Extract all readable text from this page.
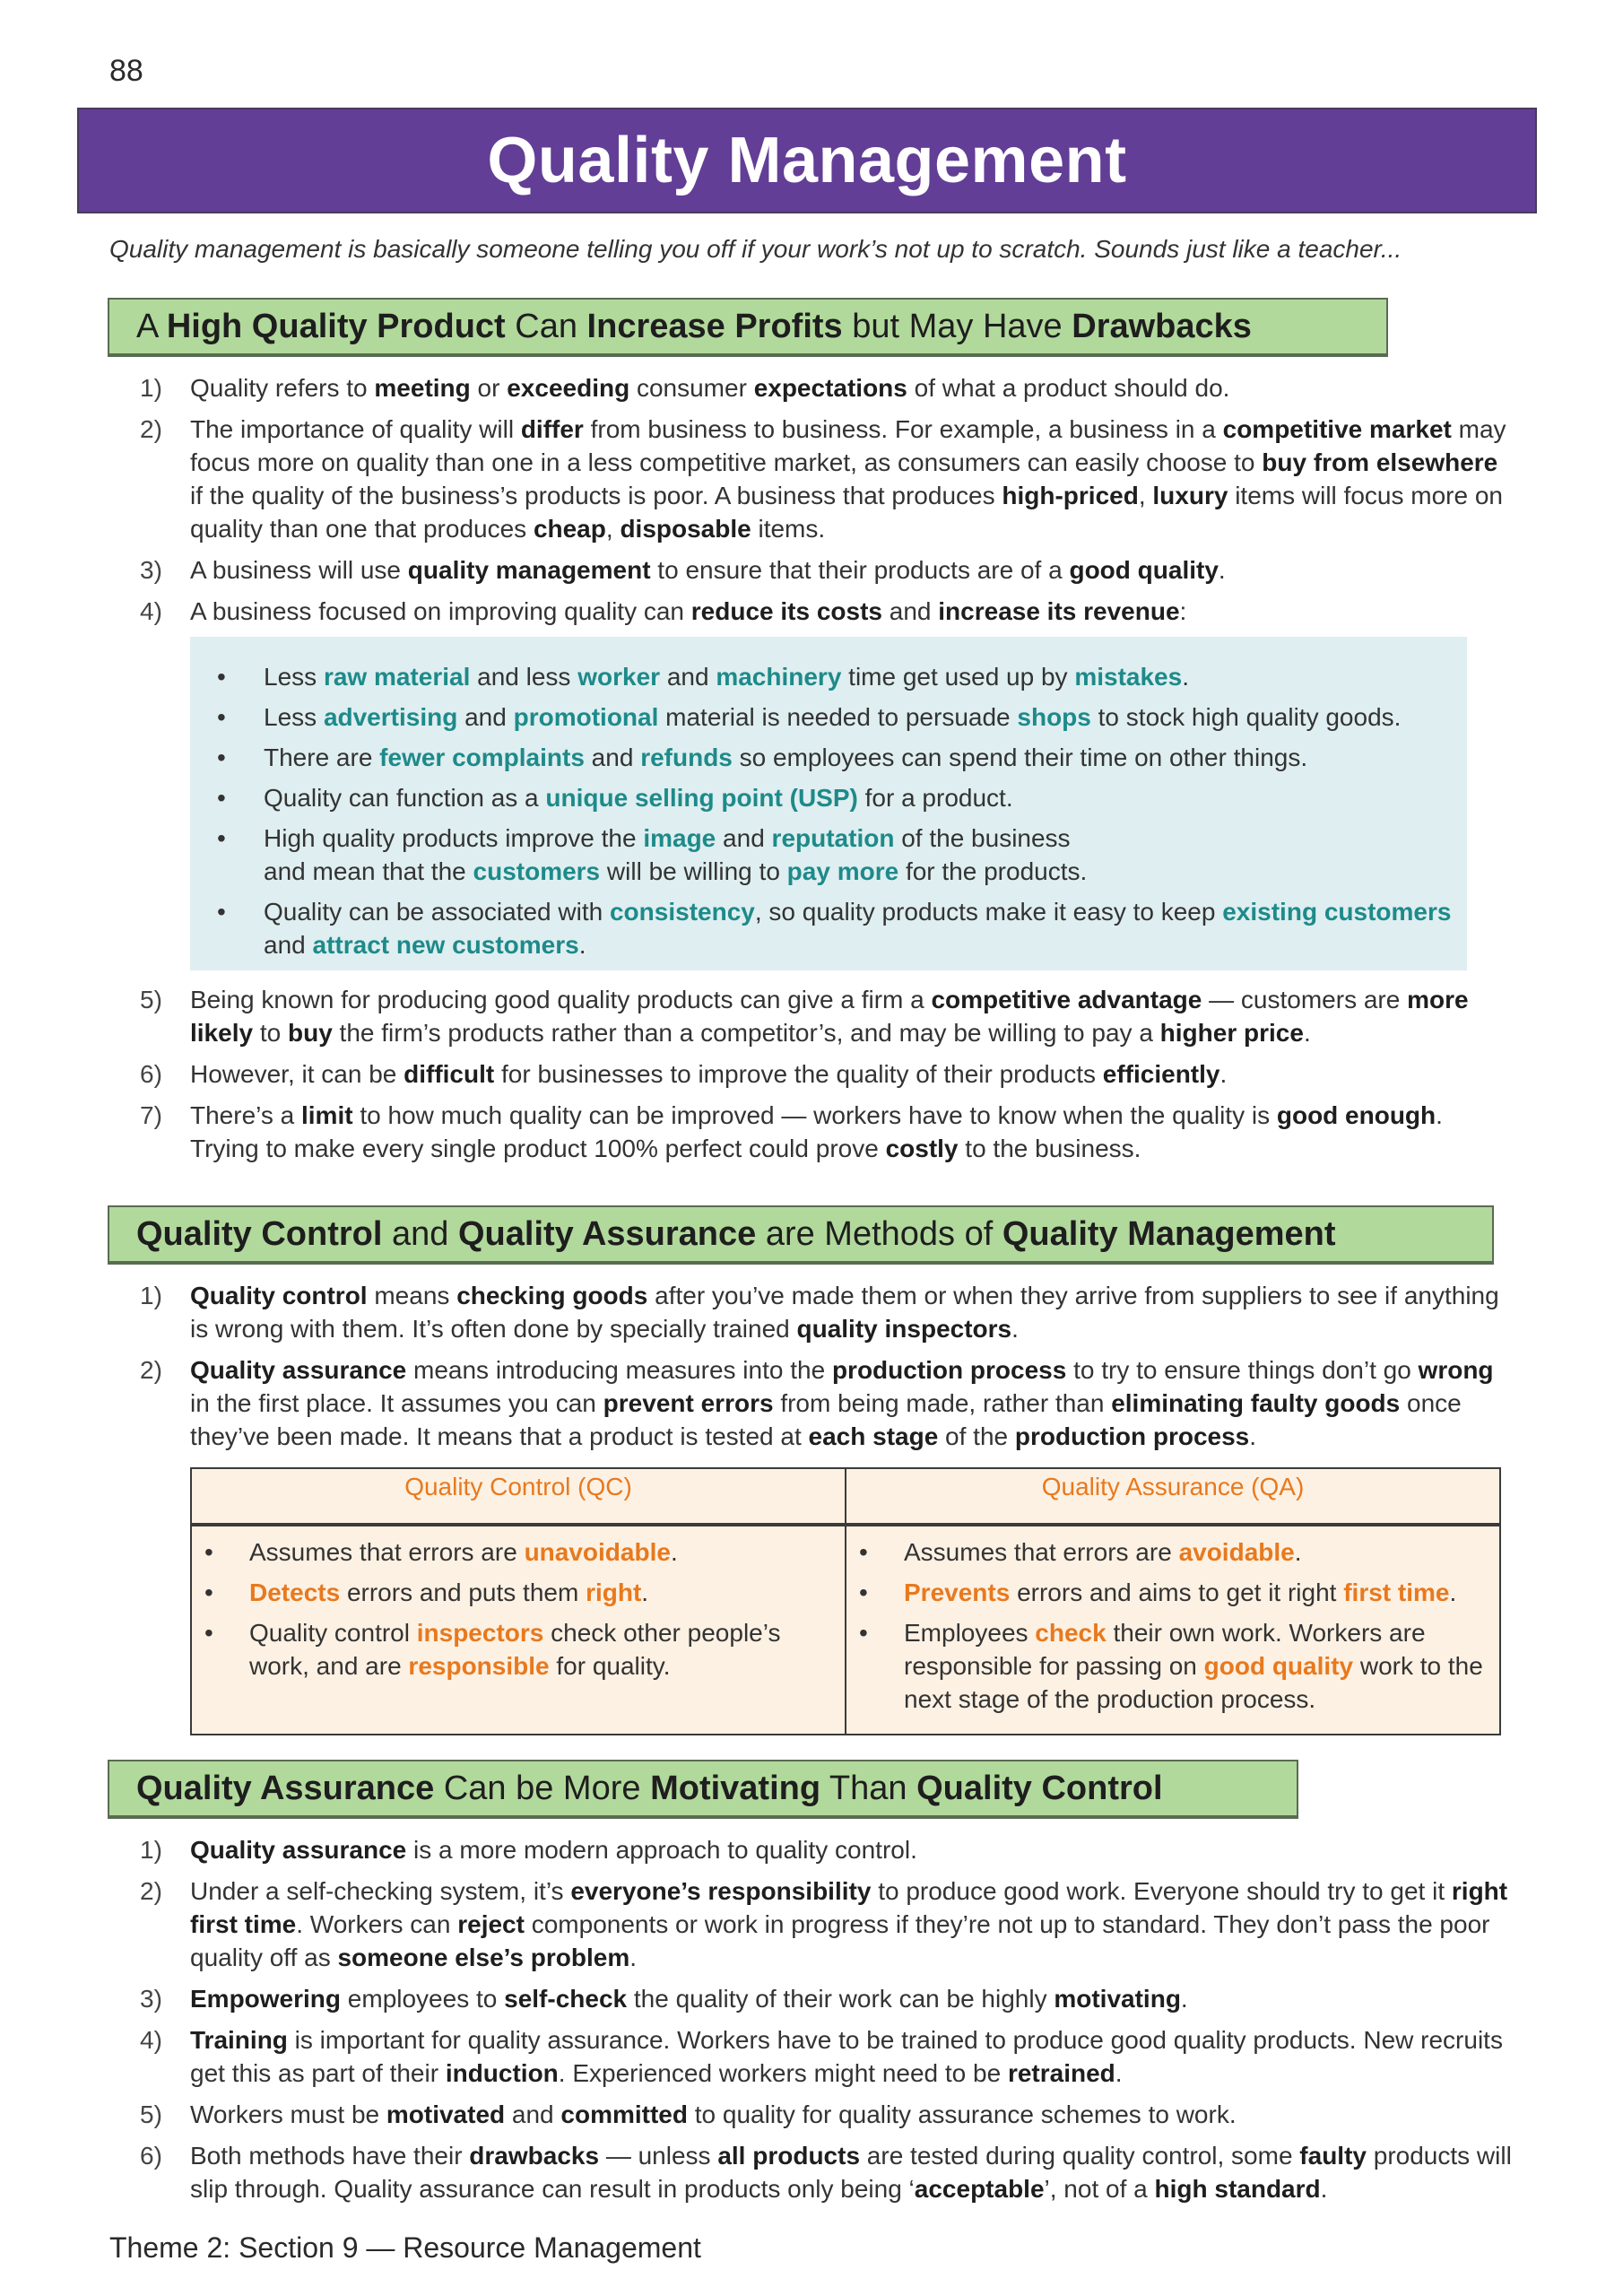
88
Quality Management
Quality management is basically someone telling you off if your work’s not up to scratch. Sounds just like a teacher...
A High Quality Product Can Increase Profits but May Have Drawbacks
1) Quality refers to meeting or exceeding consumer expectations of what a product should do.
2) The importance of quality will differ from business to business. For example, a business in a competitive market may focus more on quality than one in a less competitive market, as consumers can easily choose to buy from elsewhere if the quality of the business’s products is poor. A business that produces high-priced, luxury items will focus more on quality than one that produces cheap, disposable items.
3) A business will use quality management to ensure that their products are of a good quality.
4) A business focused on improving quality can reduce its costs and increase its revenue:
• Less raw material and less worker and machinery time get used up by mistakes.
• Less advertising and promotional material is needed to persuade shops to stock high quality goods.
• There are fewer complaints and refunds so employees can spend their time on other things.
• Quality can function as a unique selling point (USP) for a product.
• High quality products improve the image and reputation of the business
and mean that the customers will be willing to pay more for the products.
• Quality can be associated with consistency, so quality products make it easy to keep existing customers and attract new customers.
5) Being known for producing good quality products can give a firm a competitive advantage — customers are more likely to buy the firm’s products rather than a competitor’s, and may be willing to pay a higher price.
6) However, it can be difficult for businesses to improve the quality of their products efficiently.
7) There’s a limit to how much quality can be improved — workers have to know when the quality is good enough. Trying to make every single product 100% perfect could prove costly to the business.
Quality Control and Quality Assurance are Methods of Quality Management
1) Quality control means checking goods after you’ve made them or when they arrive from suppliers to see if anything is wrong with them. It’s often done by specially trained quality inspectors.
2) Quality assurance means introducing measures into the production process to try to ensure things don’t go wrong in the first place. It assumes you can prevent errors from being made, rather than eliminating faulty goods once they’ve been made. It means that a product is tested at each stage of the production process.
Quality Control (QC)	Quality Assurance (QA)

• Assumes that errors are unavoidable.
• Detects errors and puts them right.
• Quality control inspectors check other people’s work, and are responsible for quality.

• Assumes that errors are avoidable.
• Prevents errors and aims to get it right first time.
• Employees check their own work. Workers are responsible for passing on good quality work to the next stage of the production process.
Quality Assurance Can be More Motivating Than Quality Control
1) Quality assurance is a more modern approach to quality control.
2) Under a self-checking system, it’s everyone’s responsibility to produce good work. Everyone should try to get it right first time. Workers can reject components or work in progress if they’re not up to standard. They don’t pass the poor quality off as someone else’s problem.
3) Empowering employees to self-check the quality of their work can be highly motivating.
4) Training is important for quality assurance. Workers have to be trained to produce good quality products. New recruits get this as part of their induction. Experienced workers might need to be retrained.
5) Workers must be motivated and committed to quality for quality assurance schemes to work.
6) Both methods have their drawbacks — unless all products are tested during quality control, some faulty products will slip through. Quality assurance can result in products only being ‘acceptable’, not of a high standard.
Theme 2: Section 9 — Resource Management
